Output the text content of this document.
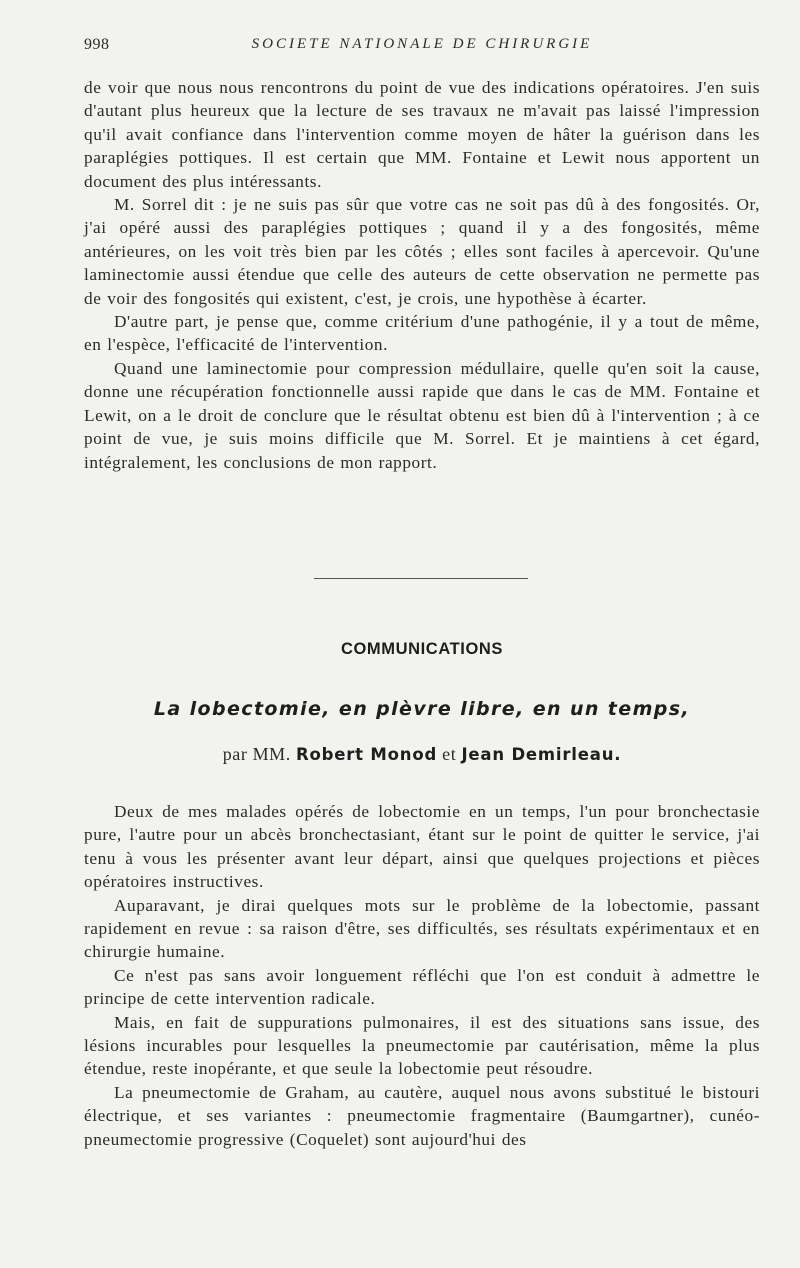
998	SOCIETE NATIONALE DE CHIRURGIE

de voir que nous nous rencontrons du point de vue des indications opératoires. J'en suis d'autant plus heureux que la lecture de ses travaux ne m'avait pas laissé l'impression qu'il avait confiance dans l'intervention comme moyen de hâter la guérison dans les paraplégies pottiques. Il est certain que MM. Fontaine et Lewit nous apportent un document des plus intéressants.

M. Sorrel dit : je ne suis pas sûr que votre cas ne soit pas dû à des fongosités. Or, j'ai opéré aussi des paraplégies pottiques ; quand il y a des fongosités, même antérieures, on les voit très bien par les côtés ; elles sont faciles à apercevoir. Qu'une laminectomie aussi étendue que celle des auteurs de cette observation ne permette pas de voir des fongosités qui existent, c'est, je crois, une hypothèse à écarter.

D'autre part, je pense que, comme critérium d'une pathogénie, il y a tout de même, en l'espèce, l'efficacité de l'intervention.

Quand une laminectomie pour compression médullaire, quelle qu'en soit la cause, donne une récupération fonctionnelle aussi rapide que dans le cas de MM. Fontaine et Lewit, on a le droit de conclure que le résultat obtenu est bien dû à l'intervention ; à ce point de vue, je suis moins difficile que M. Sorrel. Et je maintiens à cet égard, intégralement, les conclusions de mon rapport.

COMMUNICATIONS
La lobectomie, en plèvre libre, en un temps,
par MM. Robert Monod et Jean Demirleau.

Deux de mes malades opérés de lobectomie en un temps, l'un pour bronchectasie pure, l'autre pour un abcès bronchectasiant, étant sur le point de quitter le service, j'ai tenu à vous les présenter avant leur départ, ainsi que quelques projections et pièces opératoires instructives.

Auparavant, je dirai quelques mots sur le problème de la lobectomie, passant rapidement en revue : sa raison d'être, ses difficultés, ses résultats expérimentaux et en chirurgie humaine.

Ce n'est pas sans avoir longuement réfléchi que l'on est conduit à admettre le principe de cette intervention radicale.

Mais, en fait de suppurations pulmonaires, il est des situations sans issue, des lésions incurables pour lesquelles la pneumectomie par cautérisation, même la plus étendue, reste inopérante, et que seule la lobectomie peut résoudre.

La pneumectomie de Graham, au cautère, auquel nous avons substitué le bistouri électrique, et ses variantes : pneumectomie fragmentaire (Baumgartner), cunéo-pneumectomie progressive (Coquelet) sont aujourd'hui des
